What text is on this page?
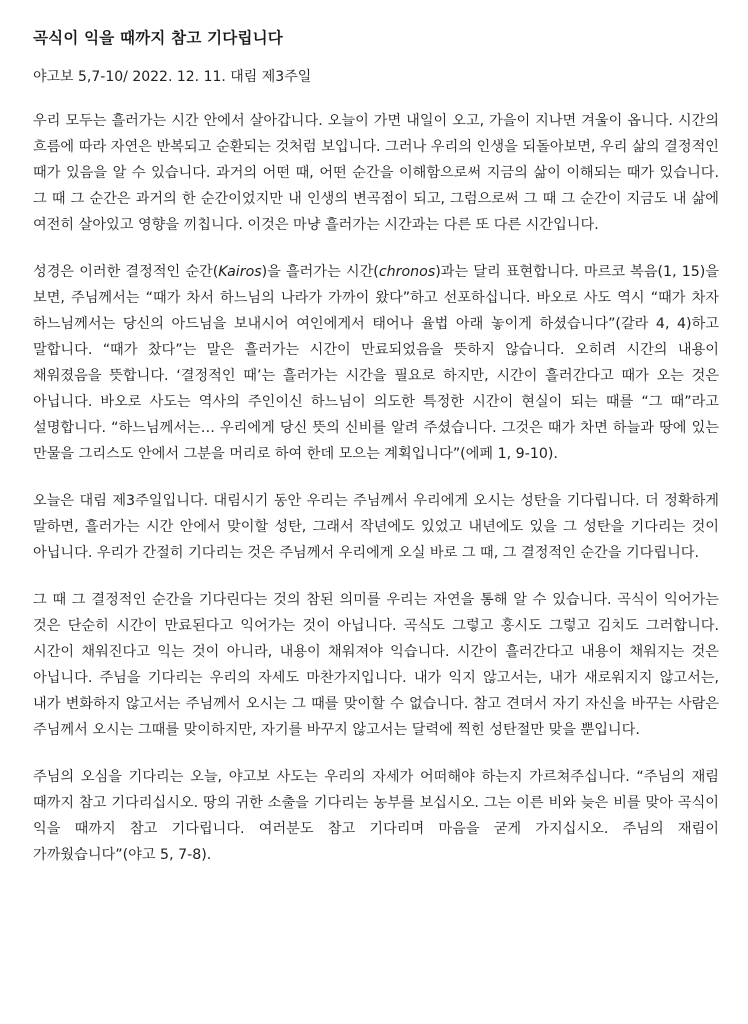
곡식이 익을 때까지 참고 기다립니다
야고보 5,7-10/ 2022. 12. 11. 대림 제3주일

우리 모두는 흘러가는 시간 안에서 살아갑니다. 오늘이 가면 내일이 오고, 가을이 지나면 겨울이 옵니다. 시간의 흐름에 따라 자연은 반복되고 순환되는 것처럼 보입니다. 그러나 우리의 인생을 되돌아보면, 우리 삶의 결정적인 때가 있음을 알 수 있습니다. 과거의 어떤 때, 어떤 순간을 이해함으로써 지금의 삶이 이해되는 때가 있습니다. 그 때 그 순간은 과거의 한 순간이었지만 내 인생의 변곡점이 되고, 그럼으로써 그 때 그 순간이 지금도 내 삶에 여전히 살아있고 영향을 끼칩니다. 이것은 마냥 흘러가는 시간과는 다른 또 다른 시간입니다.

성경은 이러한 결정적인 순간(Kairos)을 흘러가는 시간(chronos)과는 달리 표현합니다. 마르코 복음(1, 15)을 보면, 주님께서는 “때가 차서 하느님의 나라가 가까이 왔다”하고 선포하십니다. 바오로 사도 역시 “때가 차자 하느님께서는 당신의 아드님을 보내시어 여인에게서 태어나 율법 아래 놓이게 하셨습니다”(갈라 4, 4)하고 말합니다. “때가 찼다”는 말은 흘러가는 시간이 만료되었음을 뜻하지 않습니다. 오히려 시간의 내용이 채워졌음을 뜻합니다. ‘결정적인 때’는 흘러가는 시간을 필요로 하지만, 시간이 흘러간다고 때가 오는 것은 아닙니다. 바오로 사도는 역사의 주인이신 하느님이 의도한 특정한 시간이 현실이 되는 때를 “그 때”라고 설명합니다. “하느님께서는… 우리에게 당신 뜻의 신비를 알려 주셨습니다. 그것은 때가 차면 하늘과 땅에 있는 만물을 그리스도 안에서 그분을 머리로 하여 한데 모으는 계획입니다”(에페 1, 9-10).

오늘은 대림 제3주일입니다. 대림시기 동안 우리는 주님께서 우리에게 오시는 성탄을 기다립니다. 더 정확하게 말하면, 흘러가는 시간 안에서 맞이할 성탄, 그래서 작년에도 있었고 내년에도 있을 그 성탄을 기다리는 것이 아닙니다. 우리가 간절히 기다리는 것은 주님께서 우리에게 오실 바로 그 때, 그 결정적인 순간을 기다립니다.

그 때 그 결정적인 순간을 기다린다는 것의 참된 의미를 우리는 자연을 통해 알 수 있습니다. 곡식이 익어가는 것은 단순히 시간이 만료된다고 익어가는 것이 아닙니다. 곡식도 그렇고 홍시도 그렇고 김치도 그러합니다. 시간이 채워진다고 익는 것이 아니라, 내용이 채워져야 익습니다. 시간이 흘러간다고 내용이 채워지는 것은 아닙니다. 주님을 기다리는 우리의 자세도 마찬가지입니다. 내가 익지 않고서는, 내가 새로워지지 않고서는, 내가 변화하지 않고서는 주님께서 오시는 그 때를 맞이할 수 없습니다. 참고 견뎌서 자기 자신을 바꾸는 사람은 주님께서 오시는 그때를 맞이하지만, 자기를 바꾸지 않고서는 달력에 찍힌 성탄절만 맞을 뿐입니다.

주님의 오심을 기다리는 오늘, 야고보 사도는 우리의 자세가 어떠해야 하는지 가르쳐주십니다. “주님의 재림 때까지 참고 기다리십시오. 땅의 귀한 소출을 기다리는 농부를 보십시오. 그는 이른 비와 늦은 비를 맞아 곡식이 익을 때까지 참고 기다립니다. 여러분도 참고 기다리며 마음을 굳게 가지십시오. 주님의 재림이 가까웠습니다”(야고 5, 7-8).
